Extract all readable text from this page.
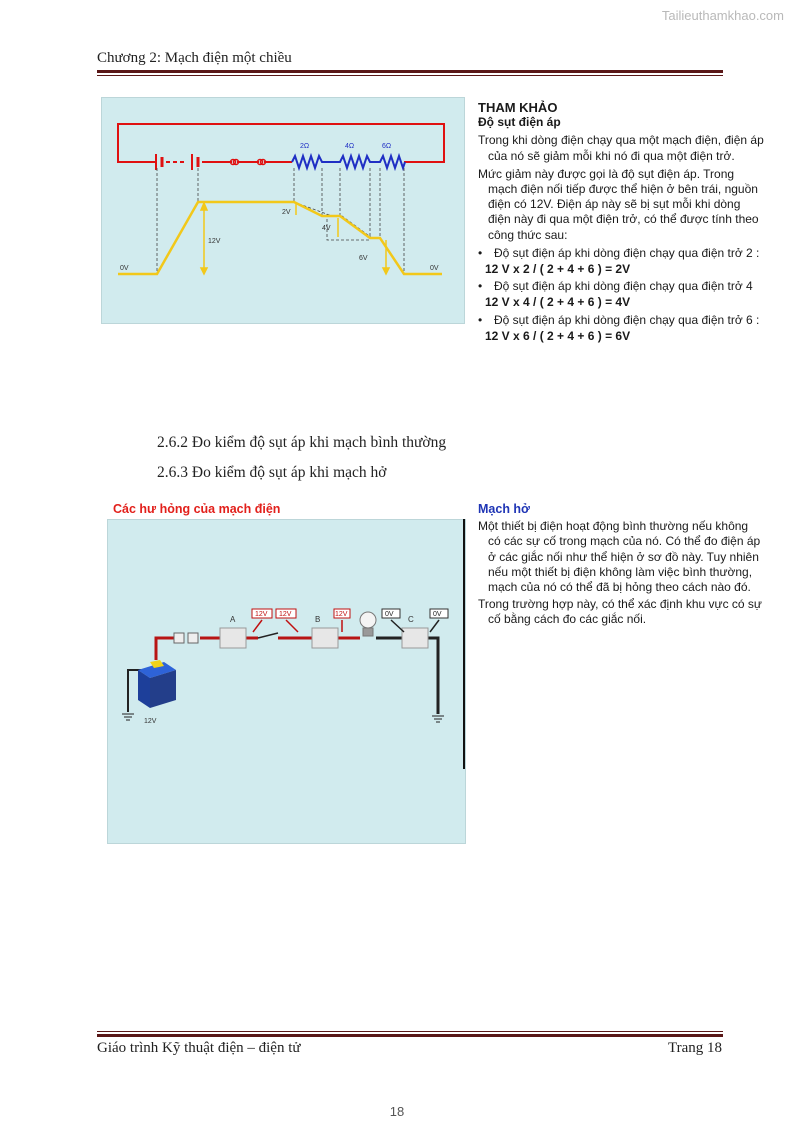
Tailieuthamkhao.com
Chương 2: Mạch điện một chiều
2Ω	4Ω	6Ω
0V	0V
12V
2V
4V
6V
THAM KHẢO
Độ sụt điện áp
Trong khi dòng điện chạy qua một mạch điện, điện áp của nó sẽ giảm mỗi khi nó đi qua một điện trở.
Mức giảm này được gọi là độ sụt điện áp. Trong mạch điện nối tiếp được thể hiện ở bên trái, nguồn điện có 12V. Điện áp này sẽ bị sụt mỗi khi dòng điện này đi qua một điện trở, có thể được tính theo công thức sau:
• Độ sụt điện áp khi dòng điện chạy qua điện trở 2 :
12 V x 2 / ( 2 + 4 + 6 ) = 2V
• Độ sụt điện áp khi dòng điện chạy qua điện trở 4
12 V x 4 / ( 2 + 4 + 6 ) = 4V
• Độ sụt điện áp khi dòng điện chạy qua điện trở 6 :
12 V x 6 / ( 2 + 4 + 6 ) = 6V
2.6.2 Đo kiểm độ sụt áp khi mạch bình thường
2.6.3 Đo kiểm độ sụt áp khi mạch hở
Các hư hỏng của mạch điện
A	B	C
12V 12V	12V	0V	0V
12V
Mạch hở
Một thiết bị điện hoạt động bình thường nếu không có các sự cố trong mạch của nó. Có thể đo điện áp ở các giắc nối như thể hiện ở sơ đồ này. Tuy nhiên nếu một thiết bị điện không làm việc bình thường, mạch của nó có thể đã bị hỏng theo cách nào đó.
Trong trường hợp này, có thể xác định khu vực có sự cố bằng cách đo các giắc nối.
Giáo trình Kỹ thuật điện – điện tử	Trang 18
18
